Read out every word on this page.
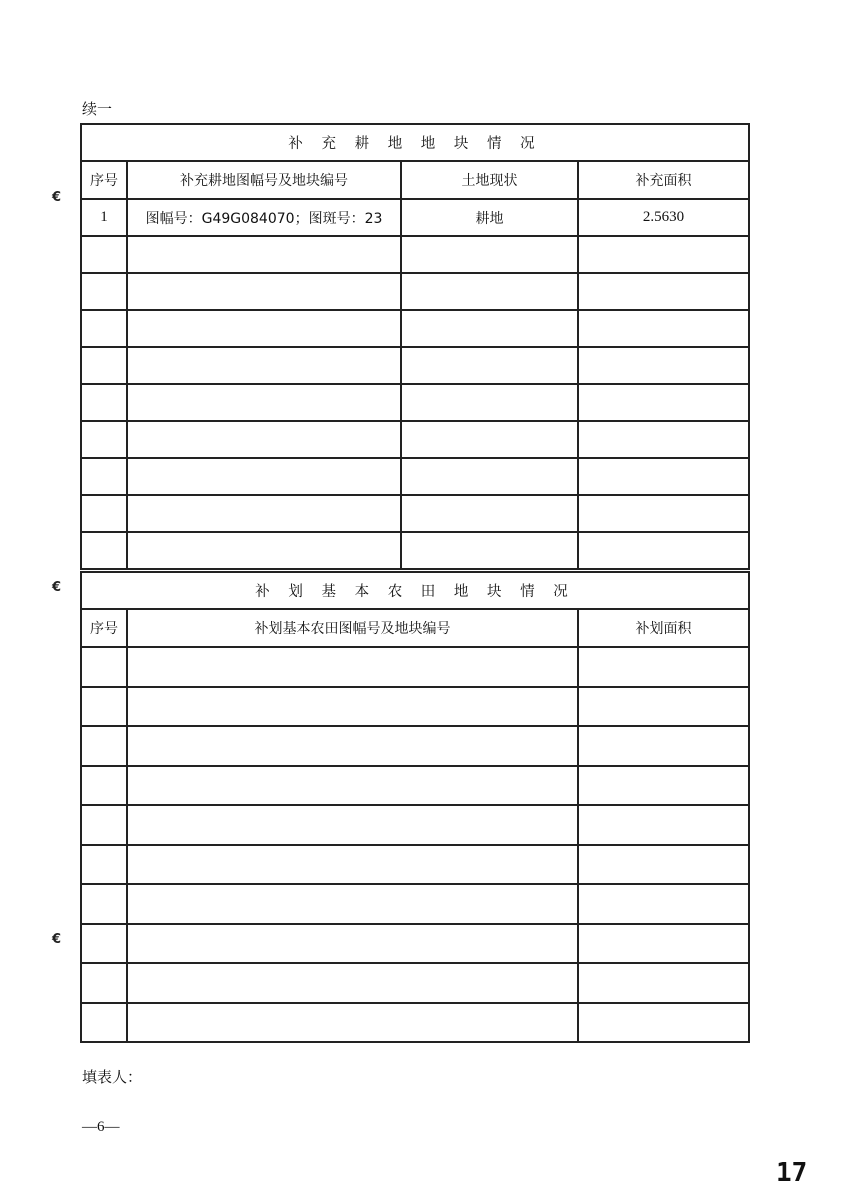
续一
补 充 耕 地 地 块 情 况			
序号	补充耕地图幅号及地块编号	土地现状	补充面积
1	图幅号：G49G084070；图斑号：23	耕地	2.5630

补 划 基 本 农 田 地 块 情 况		
序号	补划基本农田图幅号及地块编号	补划面积

€
€
€
填表人：
—6—
17
